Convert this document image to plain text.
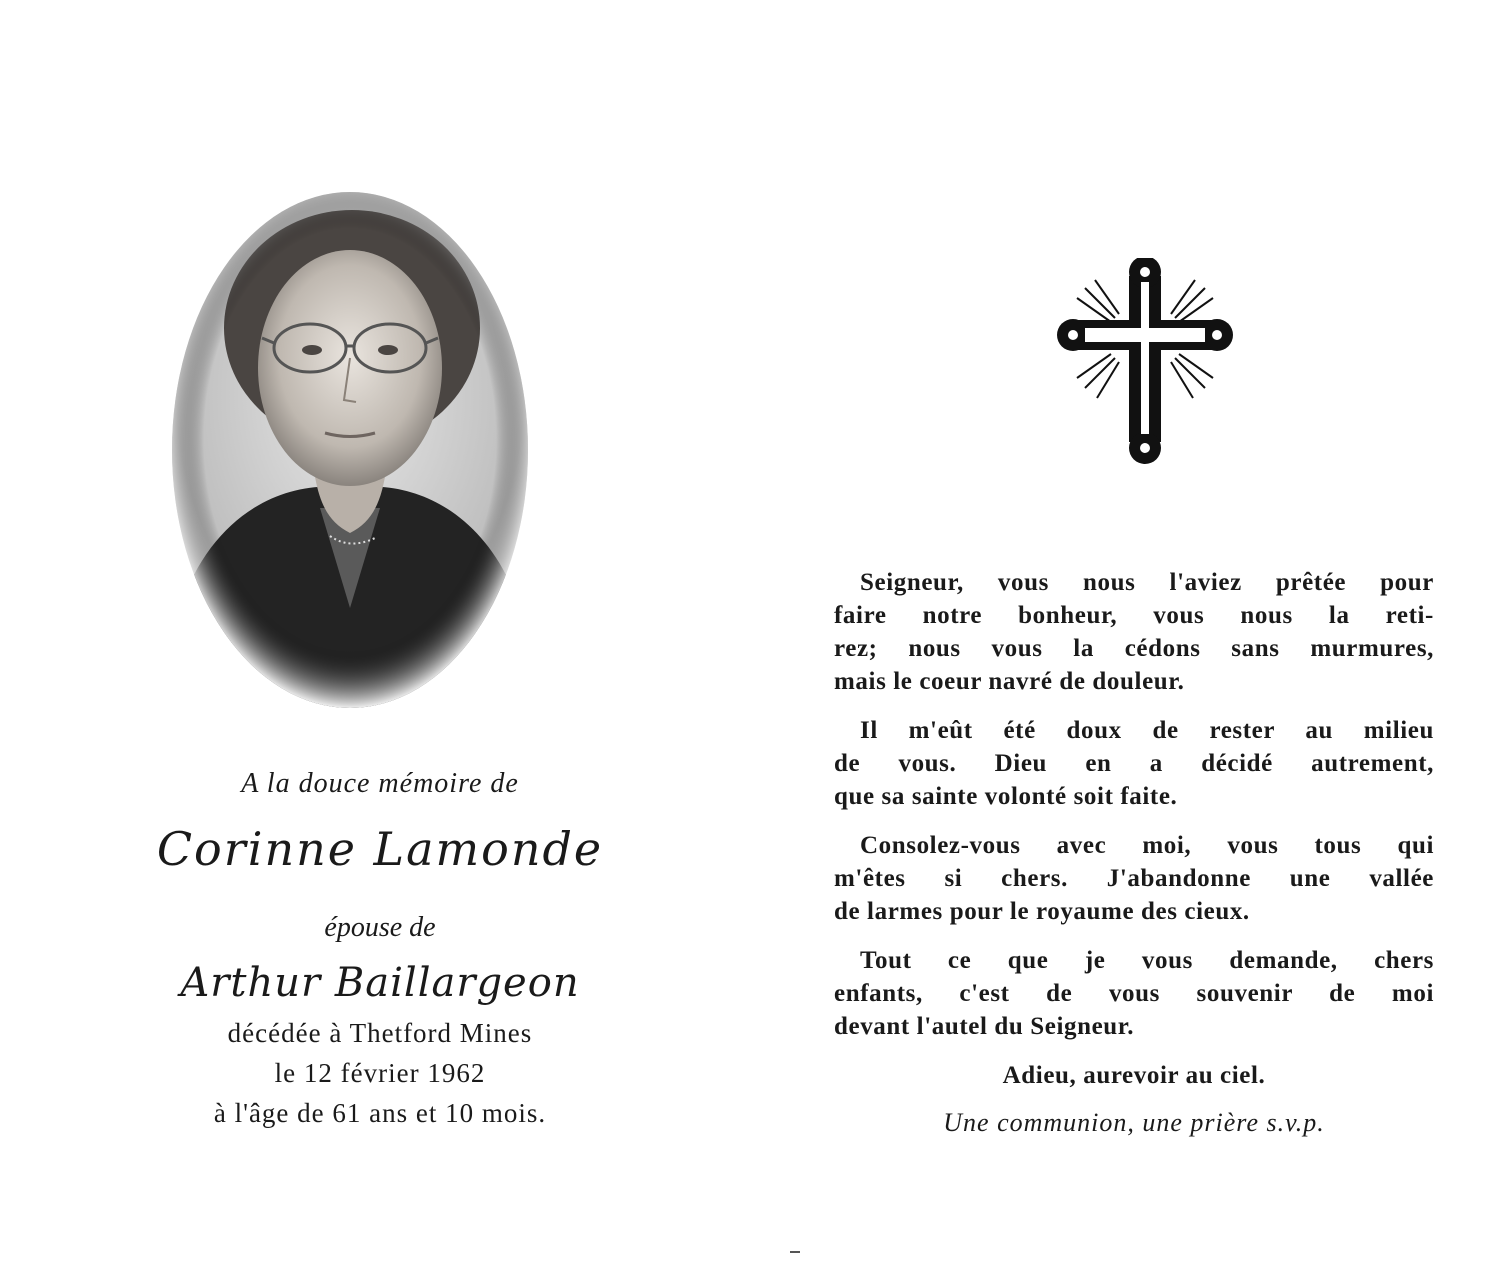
A la douce mémoire de
Corinne Lamonde
épouse de
Arthur Baillargeon
décédée à Thetford Mines
le 12 février 1962
à l'âge de 61 ans et 10 mois.
Seigneur, vous nous l'aviez prêtée pour
faire notre bonheur, vous nous la reti-
rez; nous vous la cédons sans murmures,
mais le coeur navré de douleur.
Il m'eût été doux de rester au milieu
de vous. Dieu en a décidé autrement,
que sa sainte volonté soit faite.
Consolez-vous avec moi, vous tous qui
m'êtes si chers. J'abandonne une vallée
de larmes pour le royaume des cieux.
Tout ce que je vous demande, chers
enfants, c'est de vous souvenir de moi
devant l'autel du Seigneur.
Adieu, aurevoir au ciel.
Une communion, une prière s.v.p.
